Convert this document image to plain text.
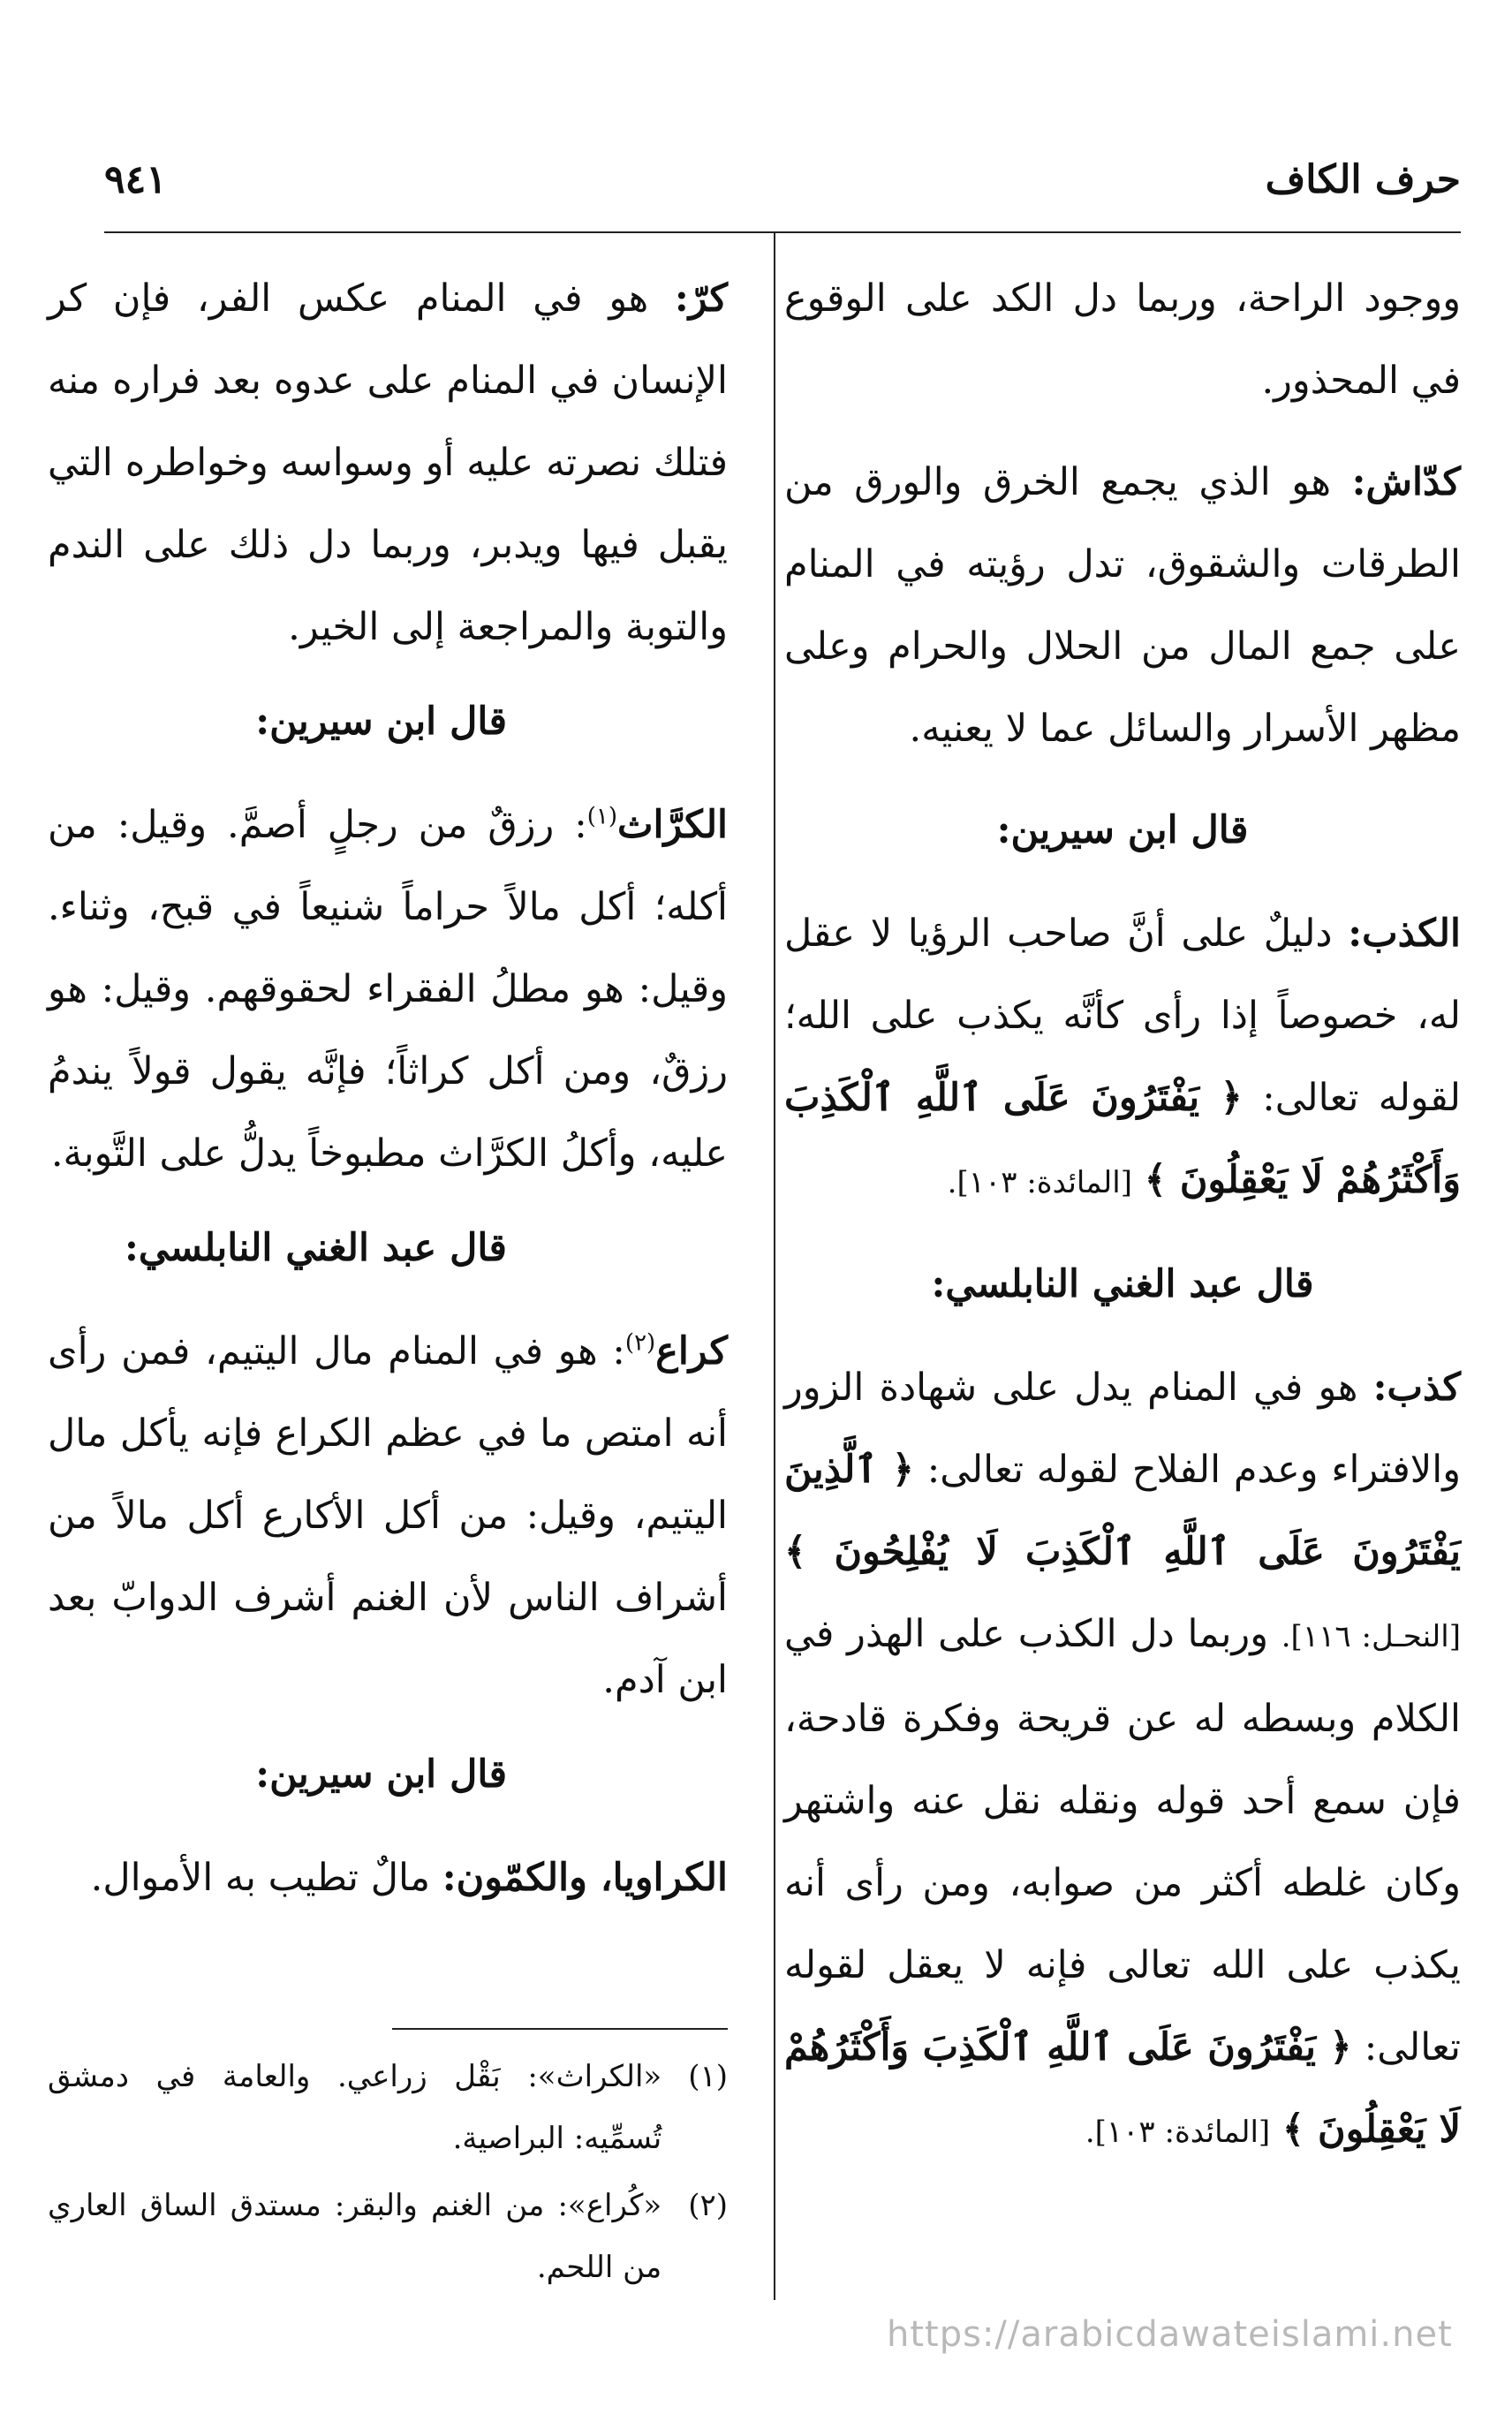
حرف الكاف
٩٤١

ووجود الراحة، وربما دل الكد على الوقوع في المحذور.

كدّاش: هو الذي يجمع الخرق والورق من الطرقات والشقوق، تدل رؤيته في المنام على جمع المال من الحلال والحرام وعلى مظهر الأسرار والسائل عما لا يعنيه.

قال ابن سيرين:

الكذب: دليلٌ على أنَّ صاحب الرؤيا لا عقل له، خصوصاً إذا رأى كأنَّه يكذب على الله؛ لقوله تعالى: ﴿ يَفْتَرُونَ عَلَى ٱللَّهِ ٱلْكَذِبَ وَأَكْثَرُهُمْ لَا يَعْقِلُونَ ﴾ [المائدة: ١٠٣].

قال عبد الغني النابلسي:

كذب: هو في المنام يدل على شهادة الزور والافتراء وعدم الفلاح لقوله تعالى: ﴿ ٱلَّذِينَ يَفْتَرُونَ عَلَى ٱللَّهِ ٱلْكَذِبَ لَا يُفْلِحُونَ ﴾ [النحـل: ١١٦]. وربما دل الكذب على الهذر في الكلام وبسطه له عن قريحة وفكرة قادحة، فإن سمع أحد قوله ونقله نقل عنه واشتهر وكان غلطه أكثر من صوابه، ومن رأى أنه يكذب على الله تعالى فإنه لا يعقل لقوله تعالى: ﴿ يَفْتَرُونَ عَلَى ٱللَّهِ ٱلْكَذِبَ وَأَكْثَرُهُمْ لَا يَعْقِلُونَ ﴾ [المائدة: ١٠٣].

كرّ: هو في المنام عكس الفر، فإن كر الإنسان في المنام على عدوه بعد فراره منه فتلك نصرته عليه أو وسواسه وخواطره التي يقبل فيها ويدبر، وربما دل ذلك على الندم والتوبة والمراجعة إلى الخير.

قال ابن سيرين:

الكرَّاث$^{(١)}$: رزقٌ من رجلٍ أصمَّ. وقيل: من أكله؛ أكل مالاً حراماً شنيعاً في قبح، وثناء. وقيل: هو مطلُ الفقراء لحقوقهم. وقيل: هو رزقٌ، ومن أكل كراثاً؛ فإنَّه يقول قولاً يندمُ عليه، وأكلُ الكرَّاث مطبوخاً يدلُّ على التَّوبة.

قال عبد الغني النابلسي:

كراع$^{(٢)}$: هو في المنام مال اليتيم، فمن رأى أنه امتص ما في عظم الكراع فإنه يأكل مال اليتيم، وقيل: من أكل الأكارع أكل مالاً من أشراف الناس لأن الغنم أشرف الدوابّ بعد ابن آدم.

قال ابن سيرين:

الكراويا، والكمّون: مالٌ تطيب به الأموال.

(١)
«الكراث»: بَقْل زراعي. والعامة في دمشق تُسمِّيه: البراصية.
(٢)
«كُراع»: من الغنم والبقر: مستدق الساق العاري من اللحم.
https://arabicdawateislami.net
